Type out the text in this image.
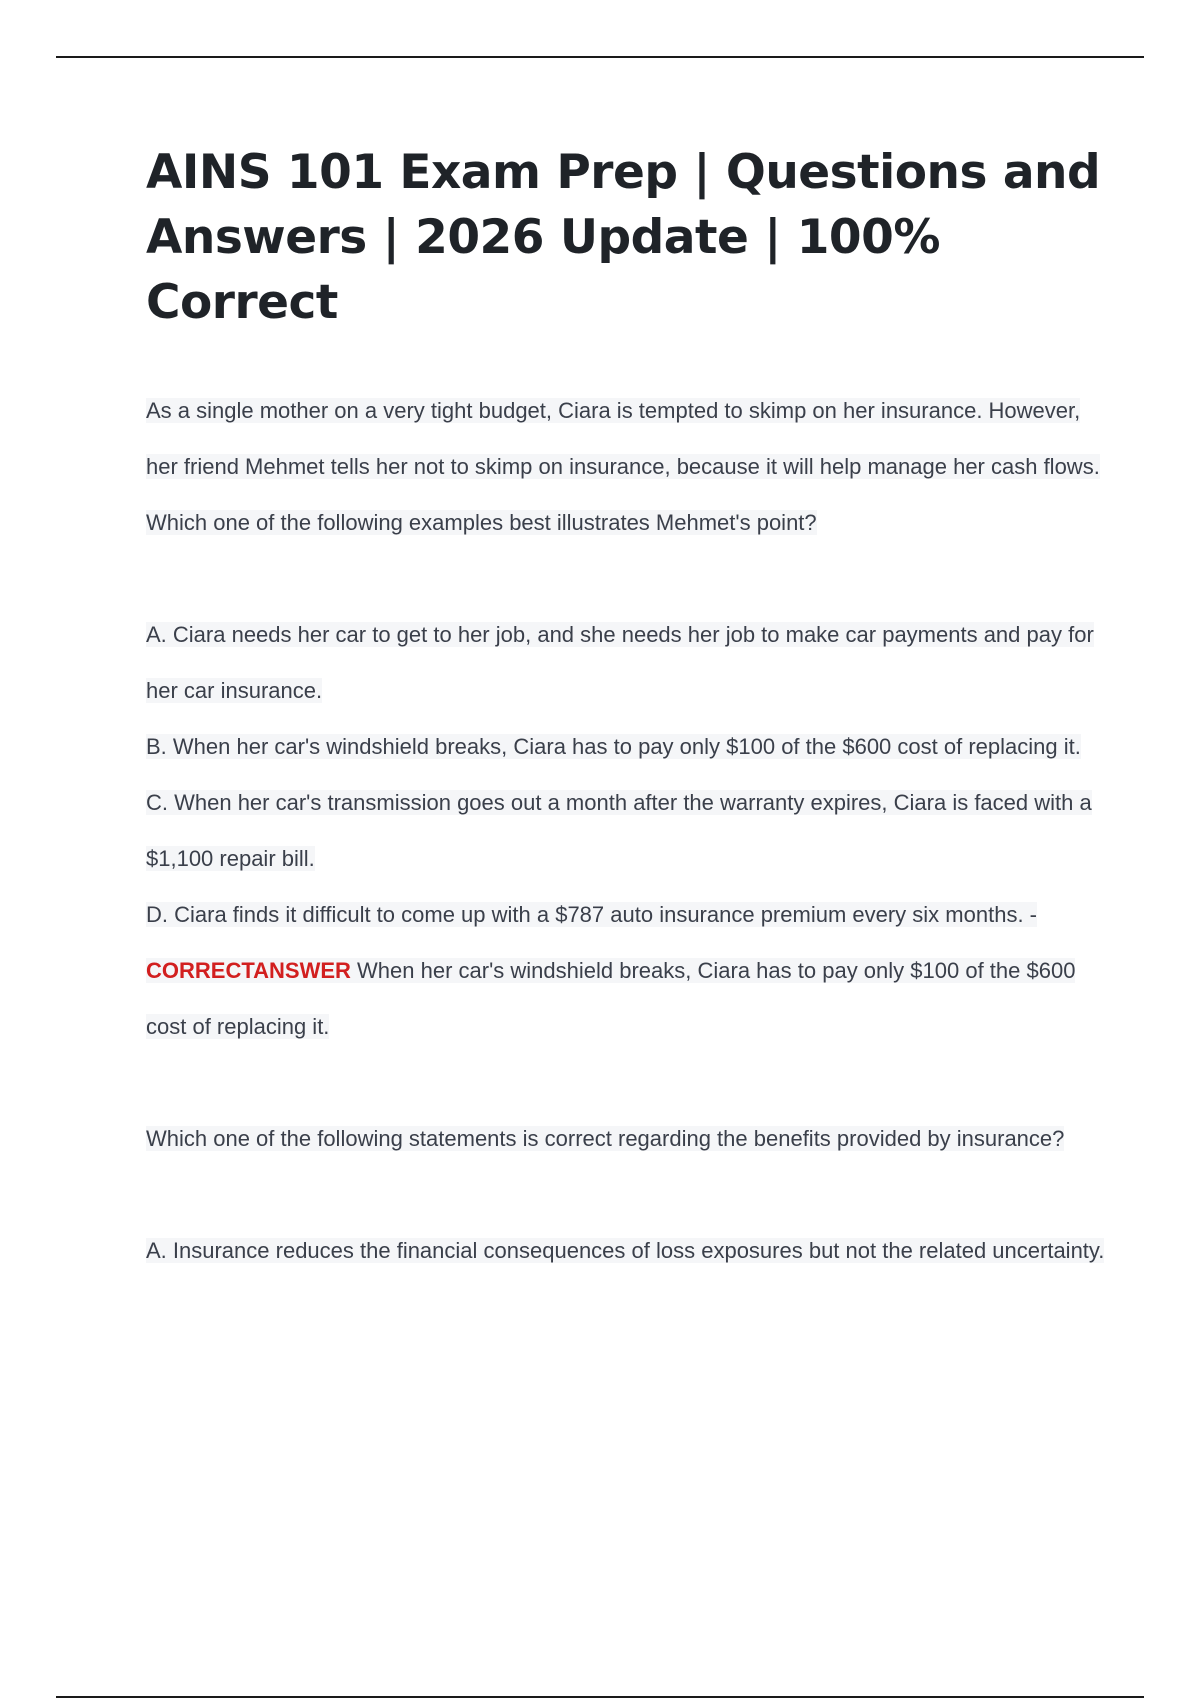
AINS 101 Exam Prep | Questions and Answers | 2026 Update | 100% Correct

As a single mother on a very tight budget, Ciara is tempted to skimp on her insurance. However, her friend Mehmet tells her not to skimp on insurance, because it will help manage her cash flows. Which one of the following examples best illustrates Mehmet's point?

A. Ciara needs her car to get to her job, and she needs her job to make car payments and pay for her car insurance.

B. When her car's windshield breaks, Ciara has to pay only $100 of the $600 cost of replacing it.

C. When her car's transmission goes out a month after the warranty expires, Ciara is faced with a $1,100 repair bill.

D. Ciara finds it difficult to come up with a $787 auto insurance premium every six months. -CORRECTANSWER When her car's windshield breaks, Ciara has to pay only $100 of the $600 cost of replacing it.

Which one of the following statements is correct regarding the benefits provided by insurance?

A. Insurance reduces the financial consequences of loss exposures but not the related uncertainty.
